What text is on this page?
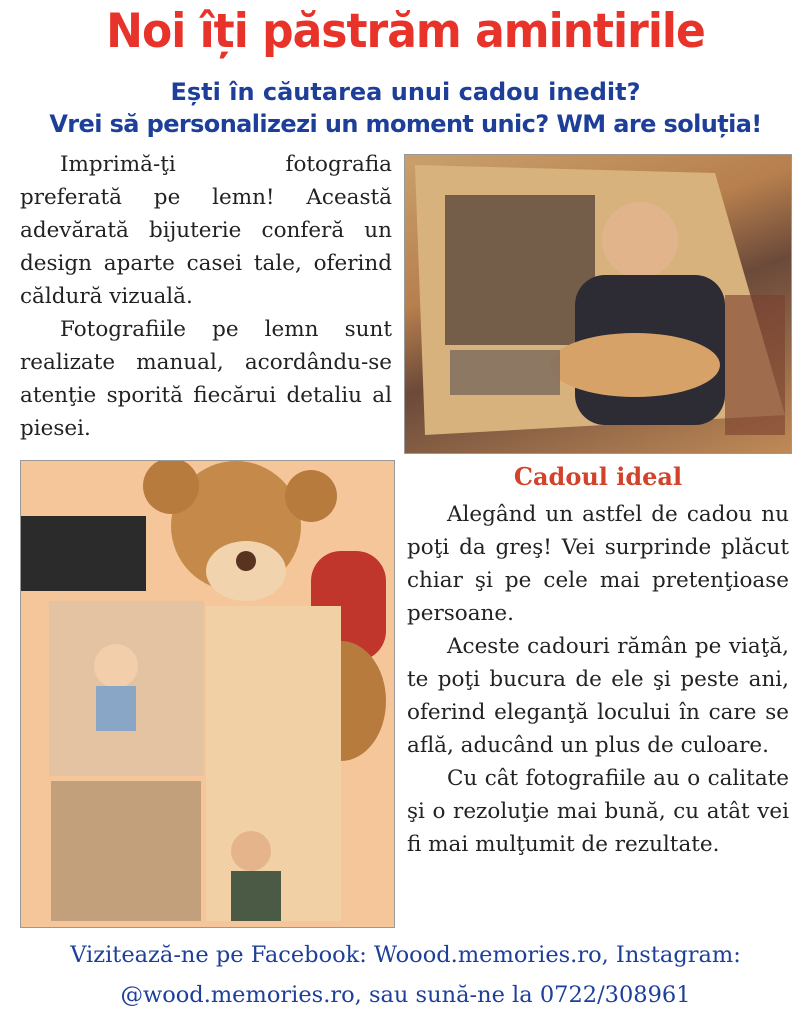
Noi îți păstrăm amintirile
Ești în căutarea unui cadou inedit?
Vrei să personalizezi un moment unic? WM are soluția!

Imprimă-ţi fotografia preferată pe lemn! Această adevărată bijuterie conferă un design aparte casei tale, oferind căldură vizuală.

Fotografiile pe lemn sunt realizate manual, acordându-se atenţie sporită fiecărui detaliu al piesei.

Cadoul ideal

Alegând un astfel de cadou nu poţi da greş! Vei surprinde plăcut chiar şi pe cele mai pretenţioase persoane.

Aceste cadouri rămân pe viaţă, te poţi bucura de ele şi peste ani, oferind eleganţă locului în care se află, aducând un plus de culoare.

Cu cât fotografiile au o calitate şi o rezoluţie mai bună, cu atât vei fi mai mulţumit de rezultate.

Vizitează-ne pe Facebook: Woood.memories.ro, Instagram:
@wood.memories.ro, sau sună-ne la 0722/308961
